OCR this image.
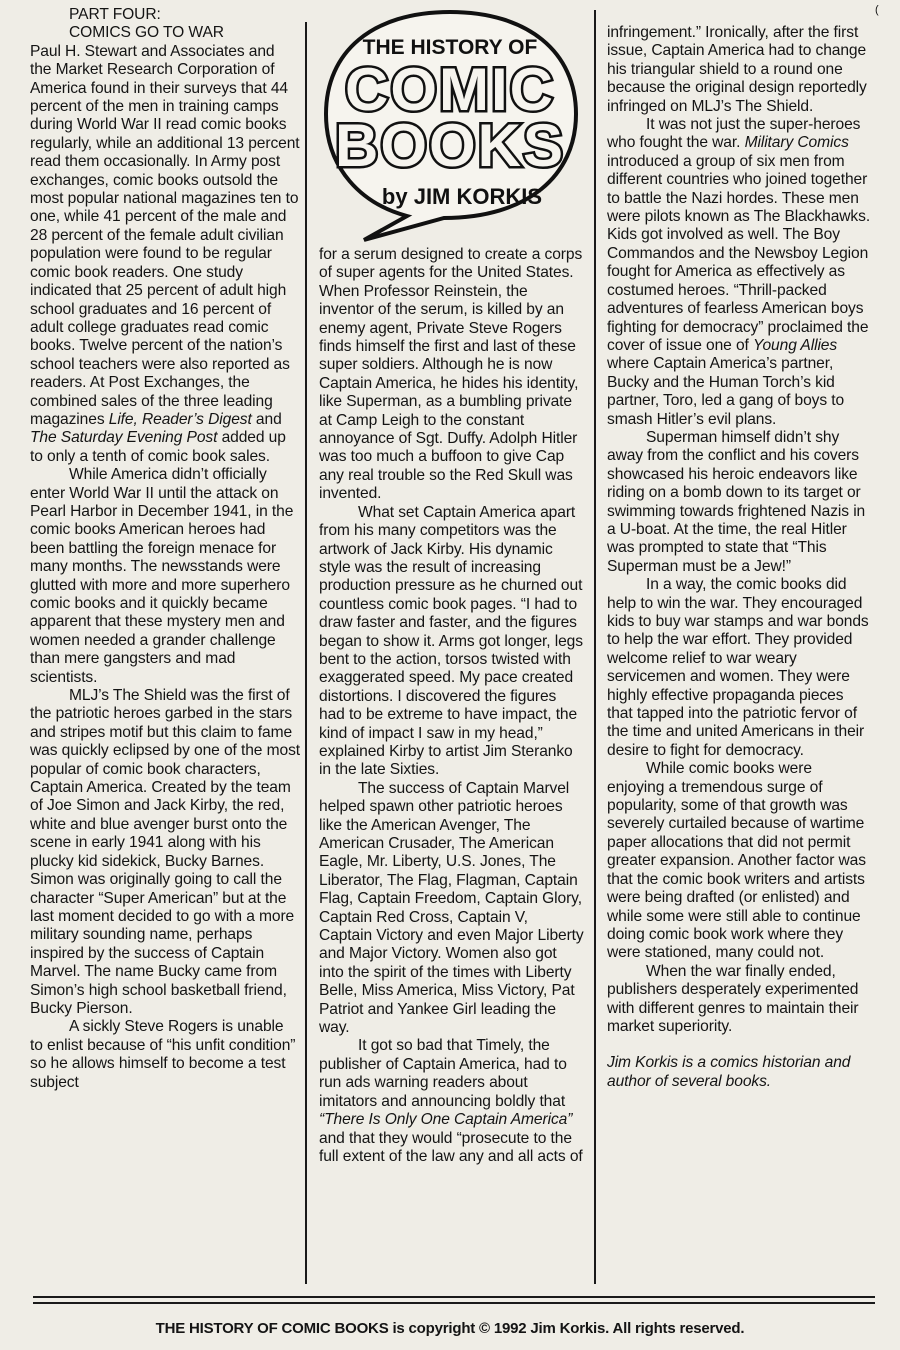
(

PART FOUR:

COMICS GO TO WAR

Paul H. Stewart and Associates and the Market Research Corporation of America found in their surveys that 44 percent of the men in training camps during World War II read comic books regularly, while an additional 13 percent read them occasionally. In Army post exchanges, comic books outsold the most popular national magazines ten to one, while 41 percent of the male and 28 percent of the female adult civilian population were found to be regular comic book readers. One study indicated that 25 percent of adult high school graduates and 16 percent of adult college graduates read comic books. Twelve percent of the nation’s school teachers were also reported as readers. At Post Exchanges, the combined sales of the three leading magazines Life, Reader’s Digest and The Saturday Evening Post added up to only a tenth of comic book sales.

While America didn’t officially enter World War II until the attack on Pearl Harbor in December 1941, in the comic books American heroes had been battling the foreign menace for many months. The newsstands were glutted with more and more superhero comic books and it quickly became apparent that these mystery men and women needed a grander challenge than mere gangsters and mad scientists.

MLJ’s The Shield was the first of the patriotic heroes garbed in the stars and stripes motif but this claim to fame was quickly eclipsed by one of the most popular of comic book characters, Captain America. Created by the team of Joe Simon and Jack Kirby, the red, white and blue avenger burst onto the scene in early 1941 along with his plucky kid sidekick, Bucky Barnes. Simon was originally going to call the character “Super American” but at the last moment decided to go with a more military sounding name, perhaps inspired by the success of Captain Marvel. The name Bucky came from Simon’s high school basketball friend, Bucky Pierson.

A sickly Steve Rogers is unable to enlist because of “his unfit condition” so he allows himself to become a test subject

THE HISTORY OF
COMIC
BOOKS
by JIM KORKIS

for a serum designed to create a corps of super agents for the United States. When Professor Reinstein, the inventor of the serum, is killed by an enemy agent, Private Steve Rogers finds himself the first and last of these super soldiers. Although he is now Captain America, he hides his identity, like Superman, as a bumbling private at Camp Leigh to the constant annoyance of Sgt. Duffy. Adolph Hitler was too much a buffoon to give Cap any real trouble so the Red Skull was invented.

What set Captain America apart from his many competitors was the artwork of Jack Kirby. His dynamic style was the result of increasing production pressure as he churned out countless comic book pages. “I had to draw faster and faster, and the figures began to show it. Arms got longer, legs bent to the action, torsos twisted with exaggerated speed. My pace created distortions. I discovered the figures had to be extreme to have impact, the kind of impact I saw in my head,” explained Kirby to artist Jim Steranko in the late Sixties.

The success of Captain Marvel helped spawn other patriotic heroes like the American Avenger, The American Crusader, The American Eagle, Mr. Liberty, U.S. Jones, The Liberator, The Flag, Flagman, Captain Flag, Captain Freedom, Captain Glory, Captain Red Cross, Captain V, Captain Victory and even Major Liberty and Major Victory. Women also got into the spirit of the times with Liberty Belle, Miss America, Miss Victory, Pat Patriot and Yankee Girl leading the way.

It got so bad that Timely, the publisher of Captain America, had to run ads warning readers about imitators and announcing boldly that “There Is Only One Captain America” and that they would “prosecute to the full extent of the law any and all acts of

infringement.” Ironically, after the first issue, Captain America had to change his triangular shield to a round one because the original design reportedly infringed on MLJ’s The Shield.

It was not just the super-heroes who fought the war. Military Comics introduced a group of six men from different countries who joined together to battle the Nazi hordes. These men were pilots known as The Blackhawks. Kids got involved as well. The Boy Commandos and the Newsboy Legion fought for America as effectively as costumed heroes. “Thrill-packed adventures of fearless American boys fighting for democracy” proclaimed the cover of issue one of Young Allies where Captain America’s partner, Bucky and the Human Torch’s kid partner, Toro, led a gang of boys to smash Hitler’s evil plans.

Superman himself didn’t shy away from the conflict and his covers showcased his heroic endeavors like riding on a bomb down to its target or swimming towards frightened Nazis in a U-boat. At the time, the real Hitler was prompted to state that “This Superman must be a Jew!”

In a way, the comic books did help to win the war. They encouraged kids to buy war stamps and war bonds to help the war effort. They provided welcome relief to war weary servicemen and women. They were highly effective propaganda pieces that tapped into the patriotic fervor of the time and united Americans in their desire to fight for democracy.

While comic books were enjoying a tremendous surge of popularity, some of that growth was severely curtailed because of wartime paper allocations that did not permit greater expansion. Another factor was that the comic book writers and artists were being drafted (or enlisted) and while some were still able to continue doing comic book work where they were stationed, many could not.

When the war finally ended, publishers desperately experimented with different genres to maintain their market superiority.

Jim Korkis is a comics historian and author of several books.

THE HISTORY OF COMIC BOOKS is copyright © 1992 Jim Korkis. All rights reserved.
